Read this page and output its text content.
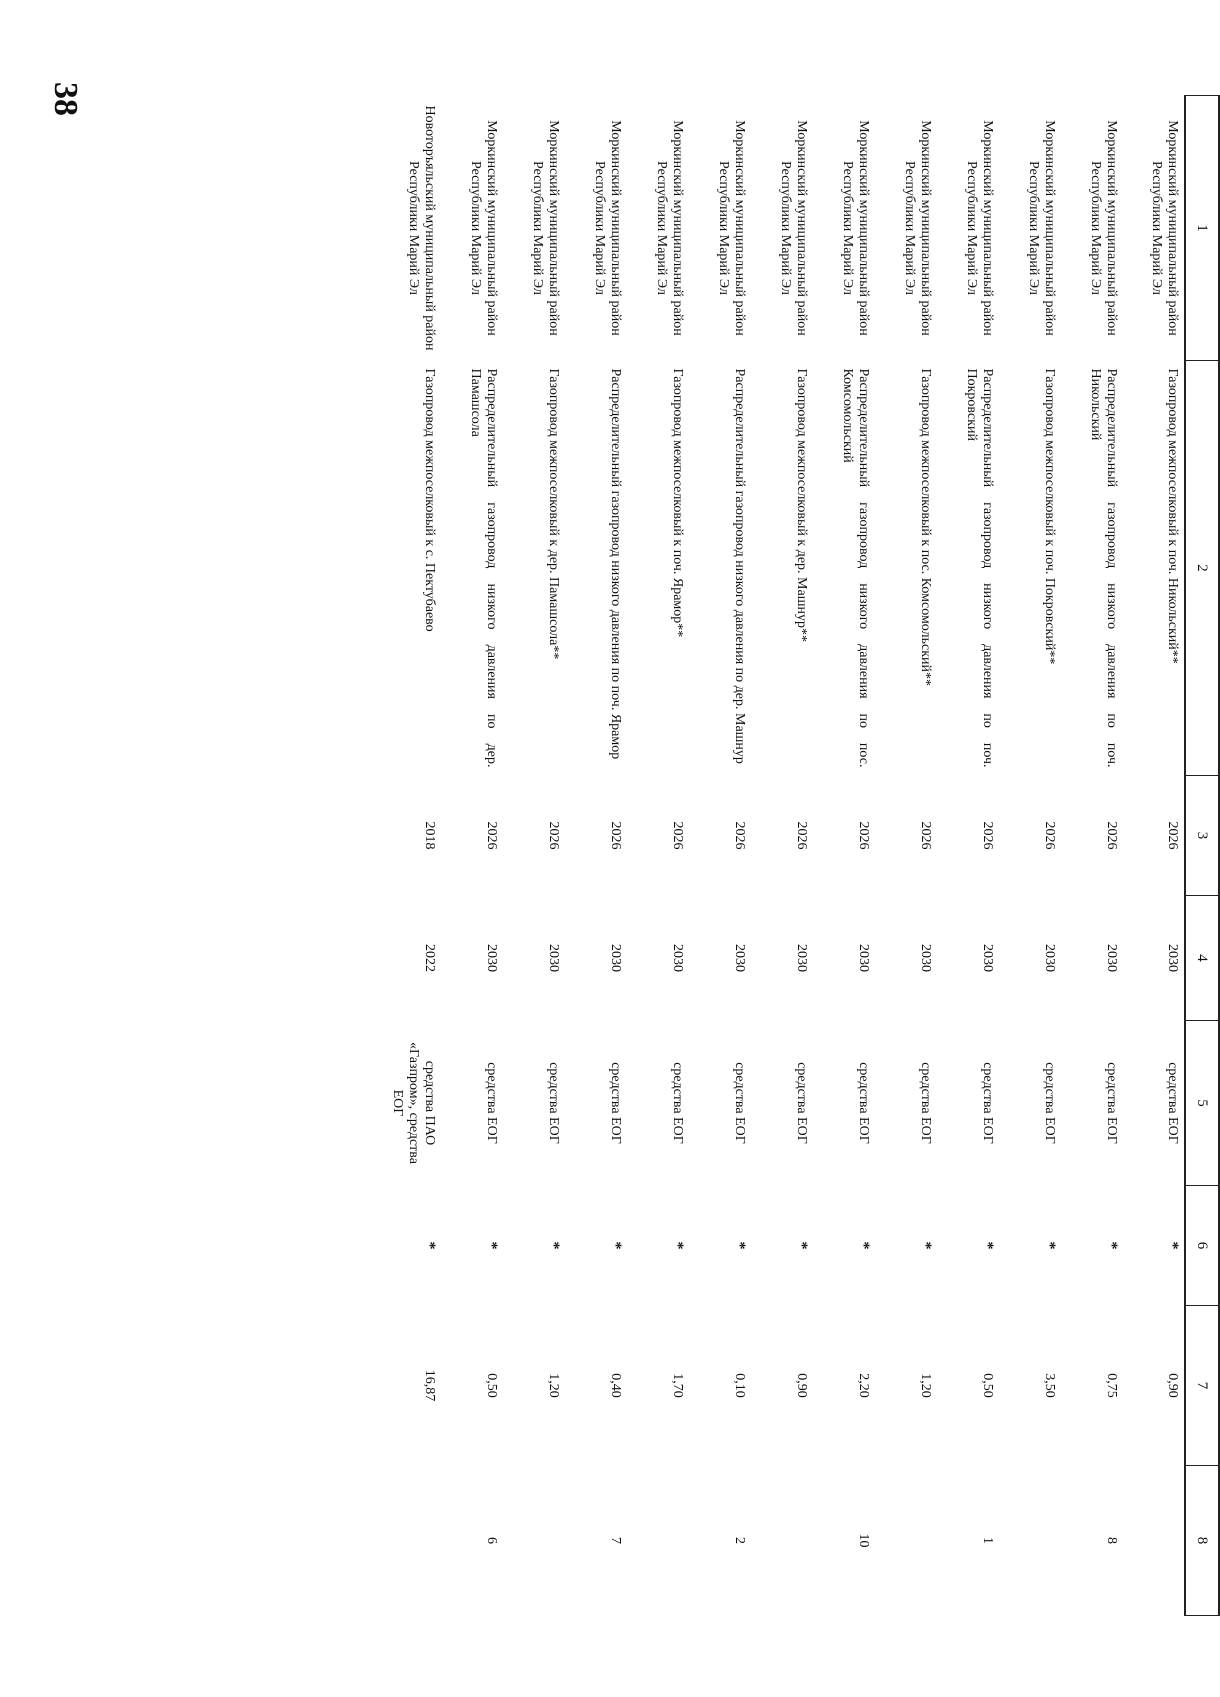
38
1	2	3	4	5	6	7	8
Моркинский муниципальный район Республики Марий Эл	Газопровод межпоселковый к поч. Никольский**	2026	2030	средства ЕОГ	*	0,90	
Моркинский муниципальный район Республики Марий Эл	Распределительный газопровод низкого давления по поч. Никольский	2026	2030	средства ЕОГ	*	0,75	8
Моркинский муниципальный район Республики Марий Эл	Газопровод межпоселковый к поч. Покровский**	2026	2030	средства ЕОГ	*	3,50	
Моркинский муниципальный район Республики Марий Эл	Распределительный газопровод низкого давления по поч. Покровский	2026	2030	средства ЕОГ	*	0,50	1
Моркинский муниципальный район Республики Марий Эл	Газопровод межпоселковый к пос. Комсомольский**	2026	2030	средства ЕОГ	*	1,20	
Моркинский муниципальный район Республики Марий Эл	Распределительный газопровод низкого давления по пос. Комсомольский	2026	2030	средства ЕОГ	*	2,20	10
Моркинский муниципальный район Республики Марий Эл	Газопровод межпоселковый к дер. Машнур**	2026	2030	средства ЕОГ	*	0,90	
Моркинский муниципальный район Республики Марий Эл	Распределительный газопровод низкого давления по дер. Машнур	2026	2030	средства ЕОГ	*	0,10	2
Моркинский муниципальный район Республики Марий Эл	Газопровод межпоселковый к поч. Ярамор**	2026	2030	средства ЕОГ	*	1,70	
Моркинский муниципальный район Республики Марий Эл	Распределительный газопровод низкого давления по поч. Ярамор	2026	2030	средства ЕОГ	*	0,40	7
Моркинский муниципальный район Республики Марий Эл	Газопровод межпоселковый к дер. Памашсола**	2026	2030	средства ЕОГ	*	1,20	
Моркинский муниципальный район Республики Марий Эл	Распределительный газопровод низкого давления по дер. Памашсола	2026	2030	средства ЕОГ	*	0,50	6
Новоторъяльский муниципальный район Республики Марий Эл	Газопровод межпоселковый к с. Пектубаево	2018	2022	средства ПАО «Газпром», средства ЕОГ	*	16,87	
